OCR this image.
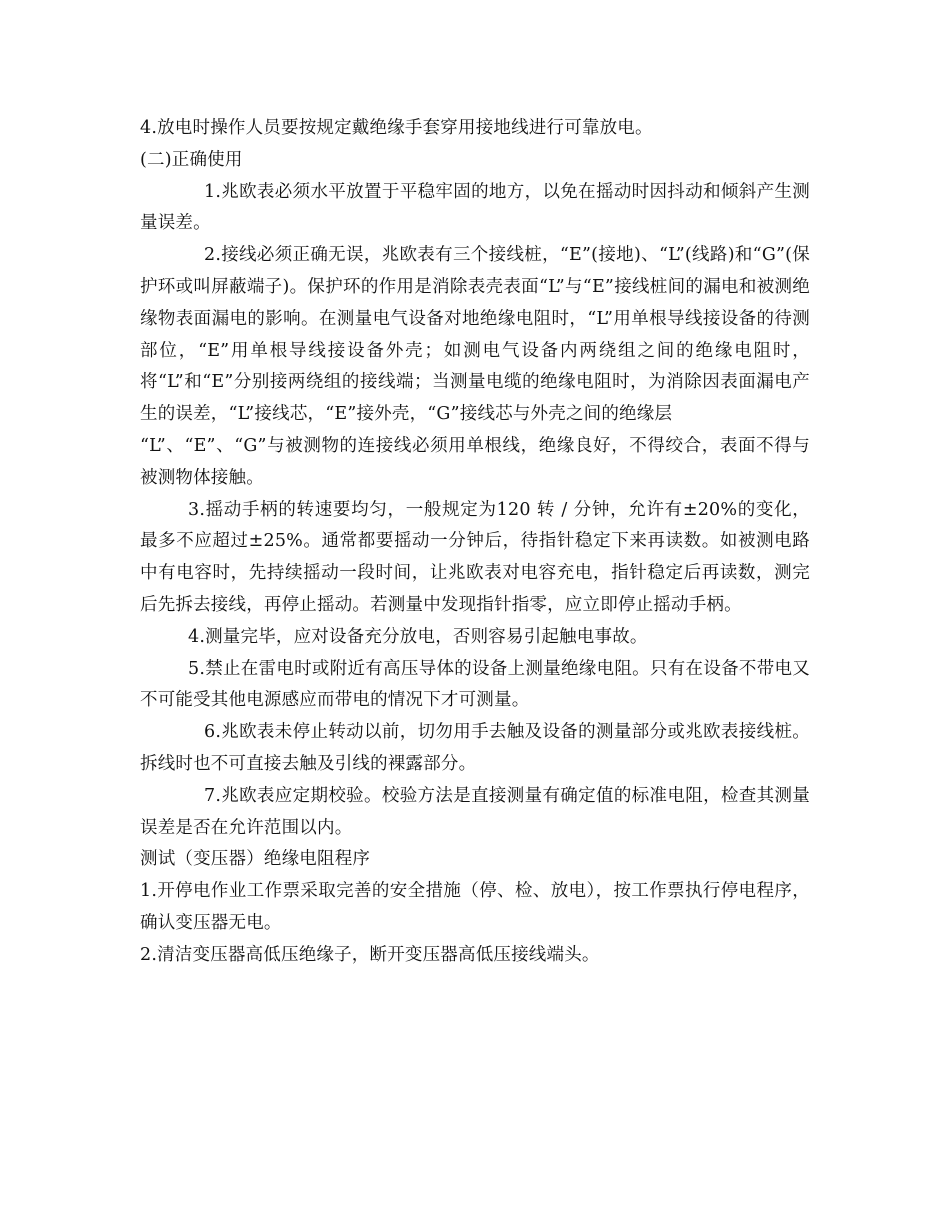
4.放电时操作人员要按规定戴绝缘手套穿用接地线进行可靠放电。

(二)正确使用

1.兆欧表必须水平放置于平稳牢固的地方，以免在摇动时因抖动和倾斜产生测量误差。

2.接线必须正确无误，兆欧表有三个接线桩，“E”(接地)、“L”(线路)和“G”(保护环或叫屏蔽端子)。保护环的作用是消除表壳表面“L”与“E”接线桩间的漏电和被测绝缘物表面漏电的影响。在测量电气设备对地绝缘电阻时，“L”用单根导线接设备的待测部位，“E”用单根导线接设备外壳；如测电气设备内两绕组之间的绝缘电阻时，将“L”和“E”分别接两绕组的接线端；当测量电缆的绝缘电阻时，为消除因表面漏电产生的误差，“L”接线芯，“E”接外壳，“G”接线芯与外壳之间的绝缘层

“L”、“E”、“G”与被测物的连接线必须用单根线，绝缘良好，不得绞合，表面不得与被测物体接触。

3.摇动手柄的转速要均匀，一般规定为120 转 / 分钟，允许有±20%的变化，最多不应超过±25%。通常都要摇动一分钟后，待指针稳定下来再读数。如被测电路中有电容时，先持续摇动一段时间，让兆欧表对电容充电，指针稳定后再读数，测完后先拆去接线，再停止摇动。若测量中发现指针指零，应立即停止摇动手柄。

4.测量完毕，应对设备充分放电，否则容易引起触电事故。

5.禁止在雷电时或附近有高压导体的设备上测量绝缘电阻。只有在设备不带电又不可能受其他电源感应而带电的情况下才可测量。

6.兆欧表未停止转动以前，切勿用手去触及设备的测量部分或兆欧表接线桩。拆线时也不可直接去触及引线的裸露部分。

7.兆欧表应定期校验。校验方法是直接测量有确定值的标准电阻，检查其测量误差是否在允许范围以内。

测试（变压器）绝缘电阻程序

1.开停电作业工作票采取完善的安全措施（停、检、放电），按工作票执行停电程序，确认变压器无电。

2.清洁变压器高低压绝缘子，断开变压器高低压接线端头。
